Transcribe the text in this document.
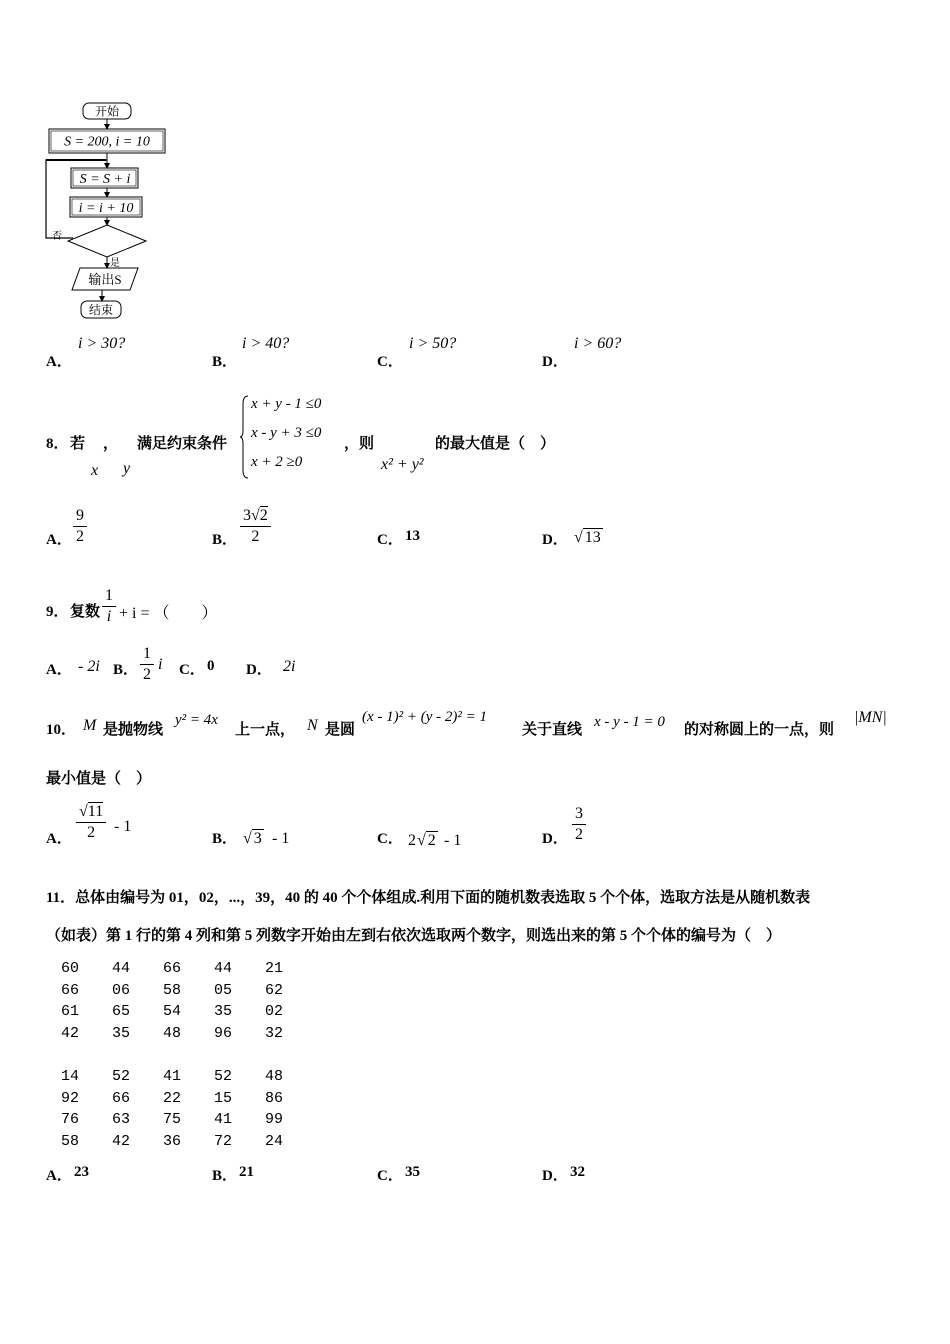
开始
S = 200, i = 10
S = S + i
i = i + 10
否
是
输出S
结束
A．
i > 30?
B．
i > 40?
C．
i > 50?
D．
i > 60?
8． 若 ，
x y
满足约束条件
x + y - 1 ≤0
x - y + 3 ≤0
x + 2 ≥0
，则
x² + y²
的最大值是（　）
A． $\frac{9}{2}$	B． $\frac{3√2}{2}$	C． 13	D． √ 13
9． 复数 $\frac{1}{i} + i$ = （　　）
A． - 2i B． $\frac{1}{2}$ i C． 0 D． 2i
10． M 是抛物线
y² = 4x
上一点， N 是圆
(x - 1)² + (y - 2)² = 1
关于直线 x - y - 1 = 0 的对称圆上的一点，则
|MN|
最小值是（　）
A． $\frac{√11}{2} - 1$
B． √ 3 - 1	C． 2 √ 2 - 1	D． $\frac{3}{2}$
11．总体由编号为 01，02，...，39，40 的 40 个个体组成.利用下面的随机数表选取 5 个个体，选取方法是从随机数表
（如表）第 1 行的第 4 列和第 5 列数字开始由左到右依次选取两个数字，则选出来的第 5 个个体的编号为（　）
60	44	66	44	21
66	06	58	05	62
61	65	54	35	02
42	35	48	96	32
14	52	41	52	48
92	66	22	15	86
76	63	75	41	99
58	42	36	72	24
A． 23	B． 21	C． 35	D． 32
